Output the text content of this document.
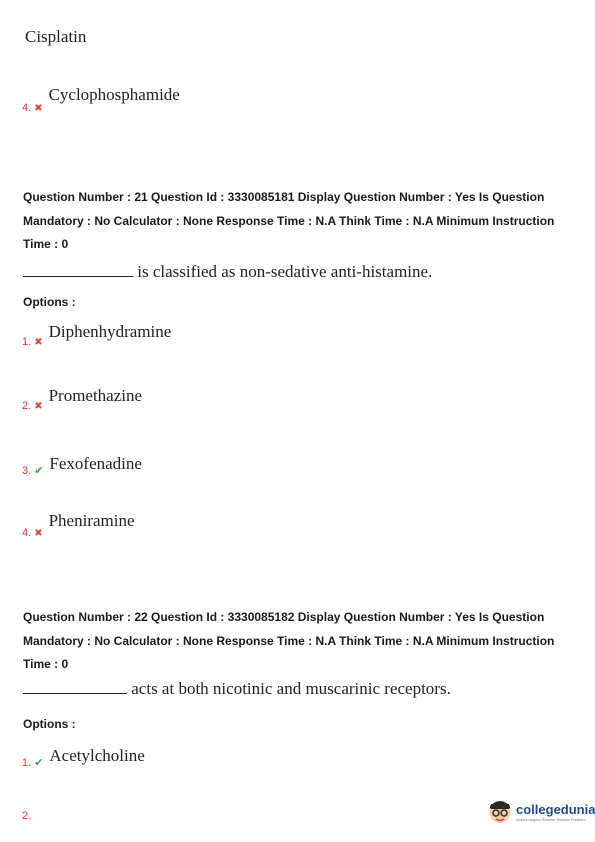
Cisplatin
4. ✖
Cyclophosphamide
Question Number : 21 Question Id : 3330085181 Display Question Number : Yes Is Question Mandatory : No Calculator : None Response Time : N.A Think Time : N.A Minimum Instruction Time : 0
is classified as non-sedative anti-histamine.
Options :
1. ✖
Diphenhydramine
2. ✖
Promethazine
3. ✔ Fexofenadine
4. ✖
Pheniramine
Question Number : 22 Question Id : 3330085182 Display Question Number : Yes Is Question Mandatory : No Calculator : None Response Time : N.A Think Time : N.A Minimum Instruction Time : 0
acts at both nicotinic and muscarinic receptors.
Options :
1. ✔ Acetylcholine
2.	collegedunia
India's largest Student Review Platform
